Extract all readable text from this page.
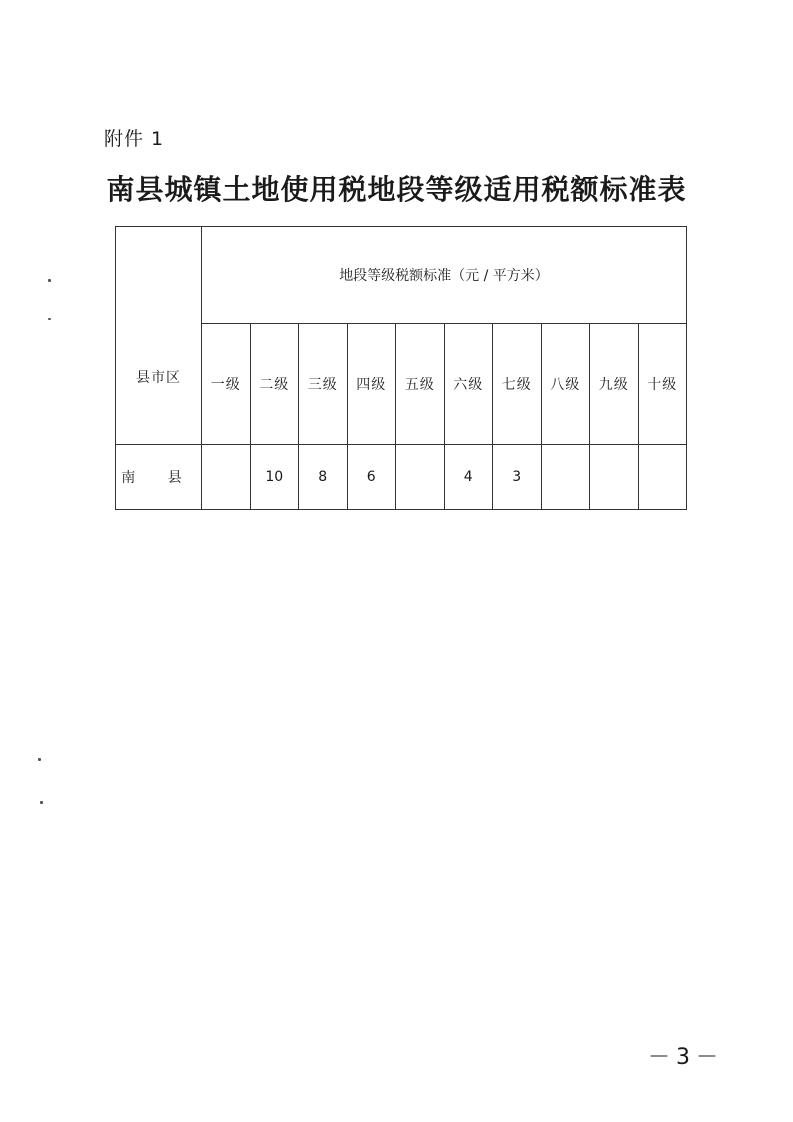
附件 1
南县城镇土地使用税地段等级适用税额标准表
县市区	地段等级税额标准（元 / 平方米）									
	一级	二级	三级	四级	五级	六级	七级	八级	九级	十级
南 县		10	8	6		4	3			
－3－
